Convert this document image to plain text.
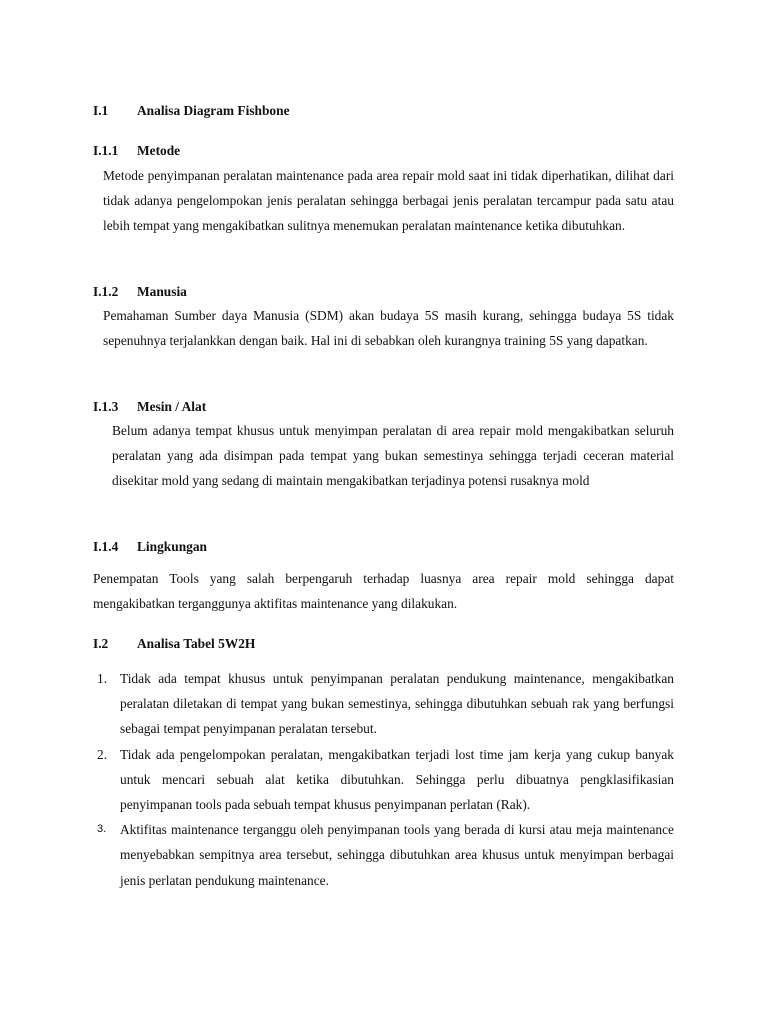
I.1 Analisa Diagram Fishbone
I.1.1 Metode
Metode penyimpanan peralatan maintenance pada area repair mold saat ini tidak diperhatikan, dilihat dari tidak adanya pengelompokan jenis peralatan sehingga berbagai jenis peralatan tercampur pada satu atau lebih tempat yang mengakibatkan sulitnya menemukan peralatan maintenance ketika dibutuhkan.
I.1.2 Manusia
Pemahaman Sumber daya Manusia (SDM) akan budaya 5S masih kurang, sehingga budaya 5S tidak sepenuhnya terjalankkan dengan baik. Hal ini di sebabkan oleh kurangnya training 5S yang dapatkan.
I.1.3 Mesin / Alat
Belum adanya tempat khusus untuk menyimpan peralatan di area repair mold mengakibatkan seluruh peralatan yang ada disimpan pada tempat yang bukan semestinya sehingga terjadi ceceran material disekitar mold yang sedang di maintain mengakibatkan terjadinya potensi rusaknya mold
I.1.4 Lingkungan
Penempatan Tools yang salah berpengaruh terhadap luasnya area repair mold sehingga dapat mengakibatkan terganggunya aktifitas maintenance yang dilakukan.
I.2 Analisa Tabel 5W2H
1. Tidak ada tempat khusus untuk penyimpanan peralatan pendukung maintenance, mengakibatkan peralatan diletakan di tempat yang bukan semestinya, sehingga dibutuhkan sebuah rak yang berfungsi sebagai tempat penyimpanan peralatan tersebut.
2. Tidak ada pengelompokan peralatan, mengakibatkan terjadi lost time jam kerja yang cukup banyak untuk mencari sebuah alat ketika dibutuhkan. Sehingga perlu dibuatnya pengklasifikasian penyimpanan tools pada sebuah tempat khusus penyimpanan perlatan (Rak).
3. Aktifitas maintenance terganggu oleh penyimpanan tools yang berada di kursi atau meja maintenance menyebabkan sempitnya area tersebut, sehingga dibutuhkan area khusus untuk menyimpan berbagai jenis perlatan pendukung maintenance.
